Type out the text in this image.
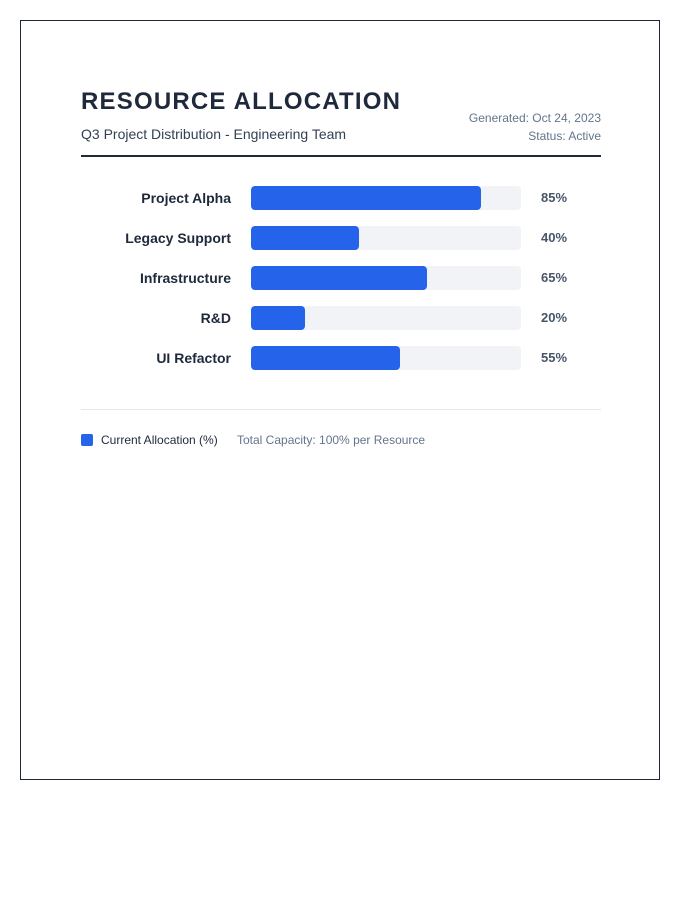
RESOURCE ALLOCATION
Q3 Project Distribution - Engineering Team
Generated: Oct 24, 2023
Status: Active
Project Alpha	85%
Legacy Support	40%
Infrastructure	65%
R&D	20%
UI Refactor	55%
Current Allocation (%) Total Capacity: 100% per Resource
